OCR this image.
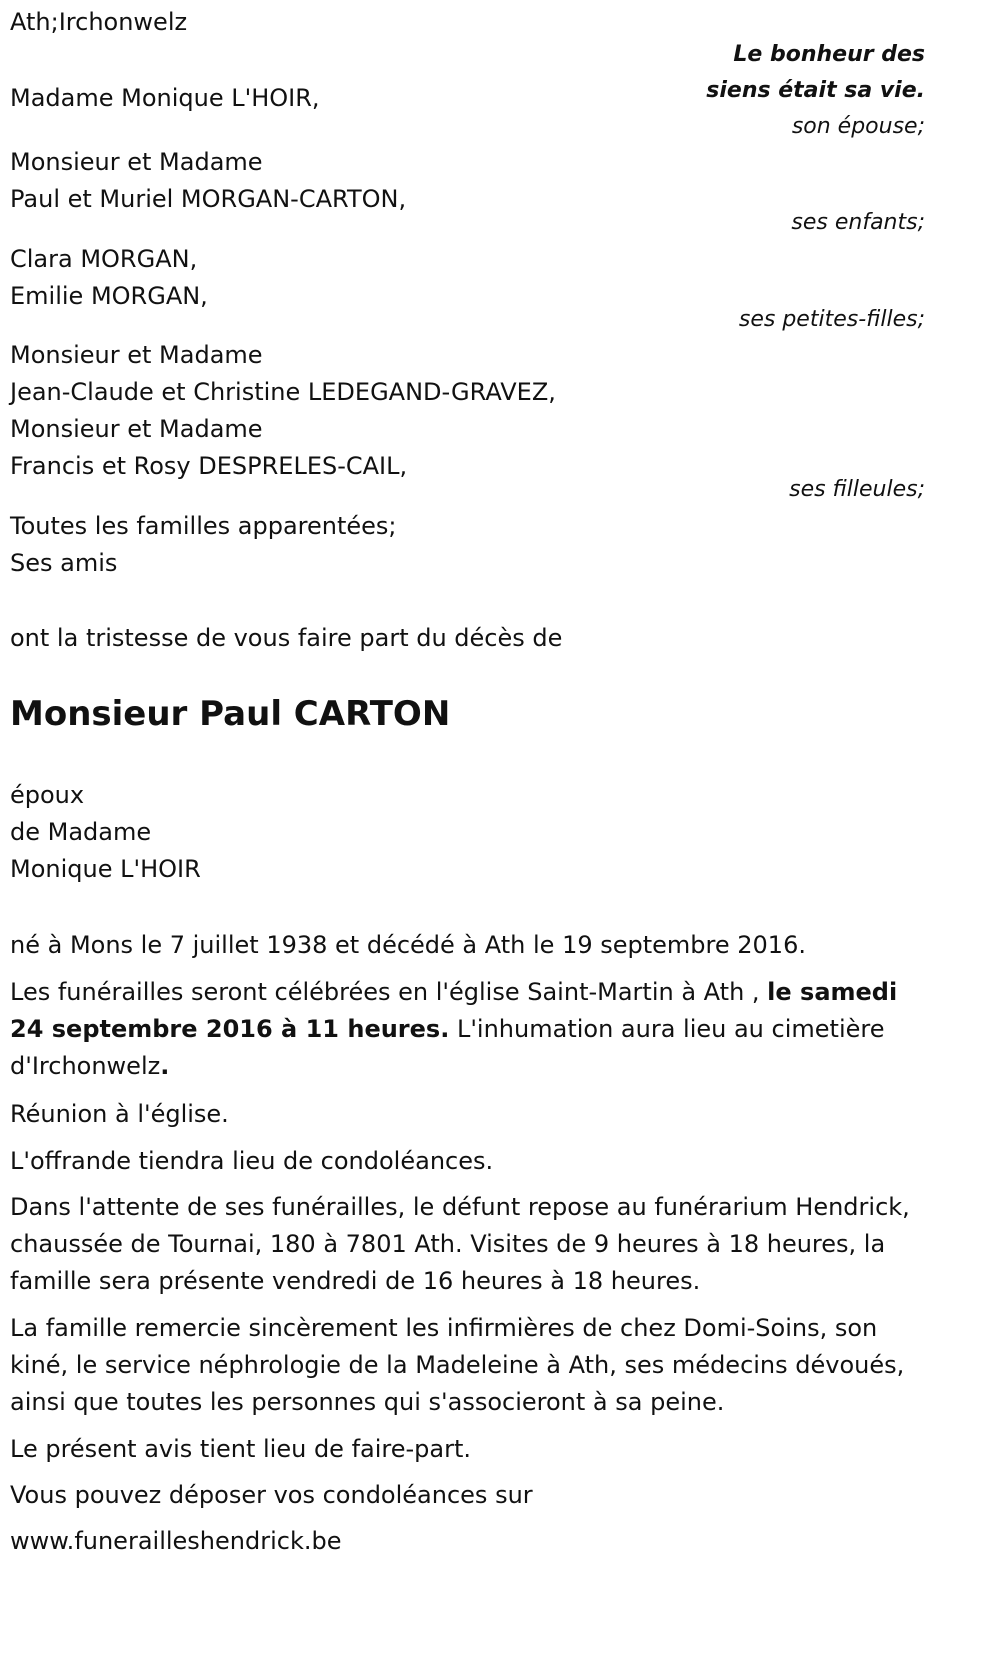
Ath;Irchonwelz
Le bonheur des
siens était sa vie.
Madame Monique L'HOIR,
son épouse;
Monsieur et Madame
Paul et Muriel MORGAN-CARTON,
ses enfants;
Clara MORGAN,
Emilie MORGAN,
ses petites-filles;
Monsieur et Madame
Jean-Claude et Christine LEDEGAND-GRAVEZ,
Monsieur et Madame
Francis et Rosy DESPRELES-CAIL,
ses filleules;
Toutes les familles apparentées;
Ses amis
ont la tristesse de vous faire part du décès de
Monsieur Paul CARTON
époux
de Madame
Monique L'HOIR
né à Mons le 7 juillet 1938 et décédé à Ath le 19 septembre 2016.
Les funérailles seront célébrées en l'église Saint-Martin à Ath , le samedi 24 septembre 2016 à 11 heures. L'inhumation aura lieu au cimetière d'Irchonwelz.
Réunion à l'église.
L'offrande tiendra lieu de condoléances.
Dans l'attente de ses funérailles, le défunt repose au funérarium Hendrick, chaussée de Tournai, 180 à 7801 Ath. Visites de 9 heures à 18 heures, la famille sera présente vendredi de 16 heures à 18 heures.
La famille remercie sincèrement les infirmières de chez Domi-Soins, son kiné, le service néphrologie de la Madeleine à Ath, ses médecins dévoués, ainsi que toutes les personnes qui s'associeront à sa peine.
Le présent avis tient lieu de faire-part.
Vous pouvez déposer vos condoléances sur
www.funerailleshendrick.be
